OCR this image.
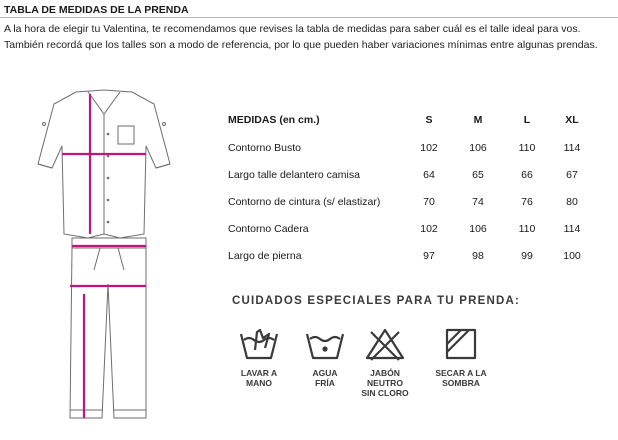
TABLA DE MEDIDAS DE LA PRENDA
A la hora de elegir tu Valentina, te recomendamos que revises la tabla de medidas para saber cuál es el talle ideal para vos. También recordá que los talles son a modo de referencia, por lo que pueden haber variaciones mínimas entre algunas prendas.
MEDIDAS (en cm.)	S	M	L	XL
Contorno Busto	102	106	110	114
Largo talle delantero camisa	64	65	66	67
Contorno de cintura (s/ elastizar)	70	74	76	80
Contorno Cadera	102	106	110	114
Largo de pierna	97	98	99	100
CUIDADOS ESPECIALES PARA TU PRENDA:
LAVAR A
MANO
AGUA
FRÍA
JABÓN NEUTRO
SIN CLORO
SECAR A LA
SOMBRA
